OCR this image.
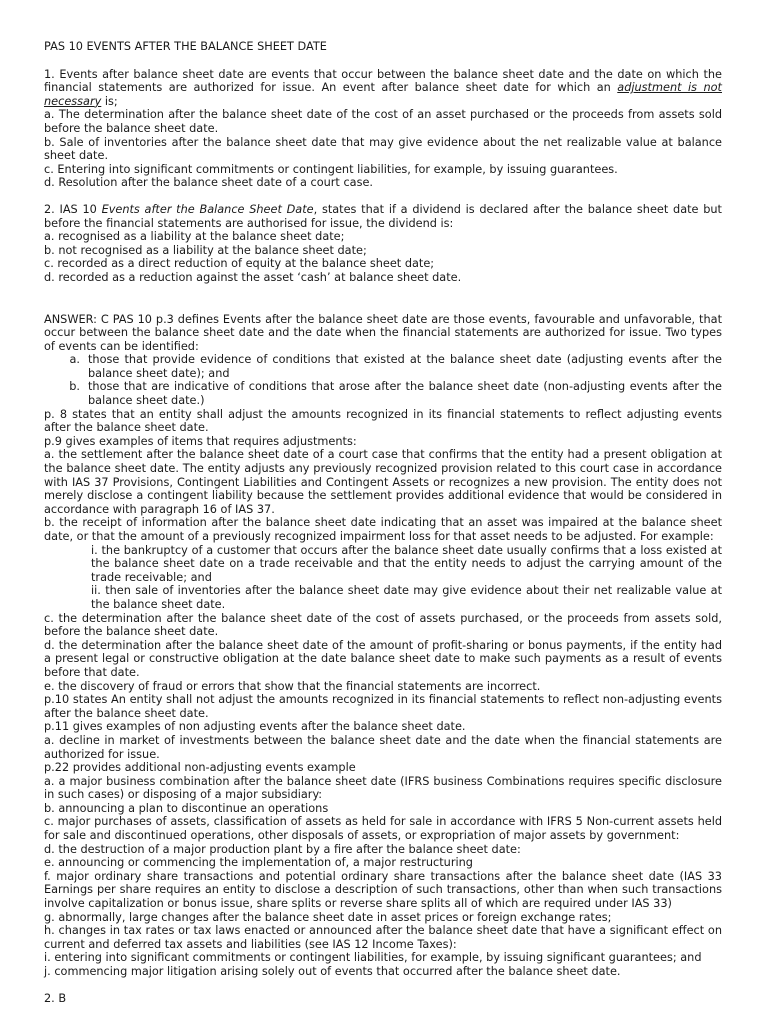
PAS 10 EVENTS AFTER THE BALANCE SHEET DATE

1. Events after balance sheet date are events that occur between the balance sheet date and the date on which the financial statements are authorized for issue. An event after balance sheet date for which an adjustment is not necessary is;

a. The determination after the balance sheet date of the cost of an asset purchased or the proceeds from assets sold before the balance sheet date.

b. Sale of inventories after the balance sheet date that may give evidence about the net realizable value at balance sheet date.

c. Entering into significant commitments or contingent liabilities, for example, by issuing guarantees.

d. Resolution after the balance sheet date of a court case.

2. IAS 10 Events after the Balance Sheet Date, states that if a dividend is declared after the balance sheet date but before the financial statements are authorised for issue, the dividend is:

a. recognised as a liability at the balance sheet date;

b. not recognised as a liability at the balance sheet date;

c. recorded as a direct reduction of equity at the balance sheet date;

d. recorded as a reduction against the asset ‘cash’ at balance sheet date.

ANSWER: C PAS 10 p.3 defines Events after the balance sheet date are those events, favourable and unfavorable, that occur between the balance sheet date and the date when the financial statements are authorized for issue. Two types of events can be identified:

a. those that provide evidence of conditions that existed at the balance sheet date (adjusting events after the balance sheet date); and
b. those that are indicative of conditions that arose after the balance sheet date (non-adjusting events after the balance sheet date.)

p. 8 states that an entity shall adjust the amounts recognized in its financial statements to reflect adjusting events after the balance sheet date.

p.9 gives examples of items that requires adjustments:

a. the settlement after the balance sheet date of a court case that confirms that the entity had a present obligation at the balance sheet date. The entity adjusts any previously recognized provision related to this court case in accordance with IAS 37 Provisions, Contingent Liabilities and Contingent Assets or recognizes a new provision. The entity does not merely disclose a contingent liability because the settlement provides additional evidence that would be considered in accordance with paragraph 16 of IAS 37.

b. the receipt of information after the balance sheet date indicating that an asset was impaired at the balance sheet date, or that the amount of a previously recognized impairment loss for that asset needs to be adjusted. For example:

i. the bankruptcy of a customer that occurs after the balance sheet date usually confirms that a loss existed at the balance sheet date on a trade receivable and that the entity needs to adjust the carrying amount of the trade receivable; and

ii. then sale of inventories after the balance sheet date may give evidence about their net realizable value at the balance sheet date.

c. the determination after the balance sheet date of the cost of assets purchased, or the proceeds from assets sold, before the balance sheet date.

d. the determination after the balance sheet date of the amount of profit-sharing or bonus payments, if the entity had a present legal or constructive obligation at the date balance sheet date to make such payments as a result of events before that date.

e. the discovery of fraud or errors that show that the financial statements are incorrect.

p.10 states An entity shall not adjust the amounts recognized in its financial statements to reflect non-adjusting events after the balance sheet date.

p.11 gives examples of non adjusting events after the balance sheet date.

a. decline in market of investments between the balance sheet date and the date when the financial statements are authorized for issue.

p.22 provides additional non-adjusting events example

a. a major business combination after the balance sheet date (IFRS business Combinations requires specific disclosure in such cases) or disposing of a major subsidiary:

b. announcing a plan to discontinue an operations

c. major purchases of assets, classification of assets as held for sale in accordance with IFRS 5 Non-current assets held for sale and discontinued operations, other disposals of assets, or expropriation of major assets by government:

d. the destruction of a major production plant by a fire after the balance sheet date:

e. announcing or commencing the implementation of, a major restructuring

f. major ordinary share transactions and potential ordinary share transactions after the balance sheet date (IAS 33 Earnings per share requires an entity to disclose a description of such transactions, other than when such transactions involve capitalization or bonus issue, share splits or reverse share splits all of which are required under IAS 33)

g. abnormally, large changes after the balance sheet date in asset prices or foreign exchange rates;

h. changes in tax rates or tax laws enacted or announced after the balance sheet date that have a significant effect on current and deferred tax assets and liabilities (see IAS 12 Income Taxes):

i. entering into significant commitments or contingent liabilities, for example, by issuing significant guarantees; and

j. commencing major litigation arising solely out of events that occurred after the balance sheet date.

2. B
